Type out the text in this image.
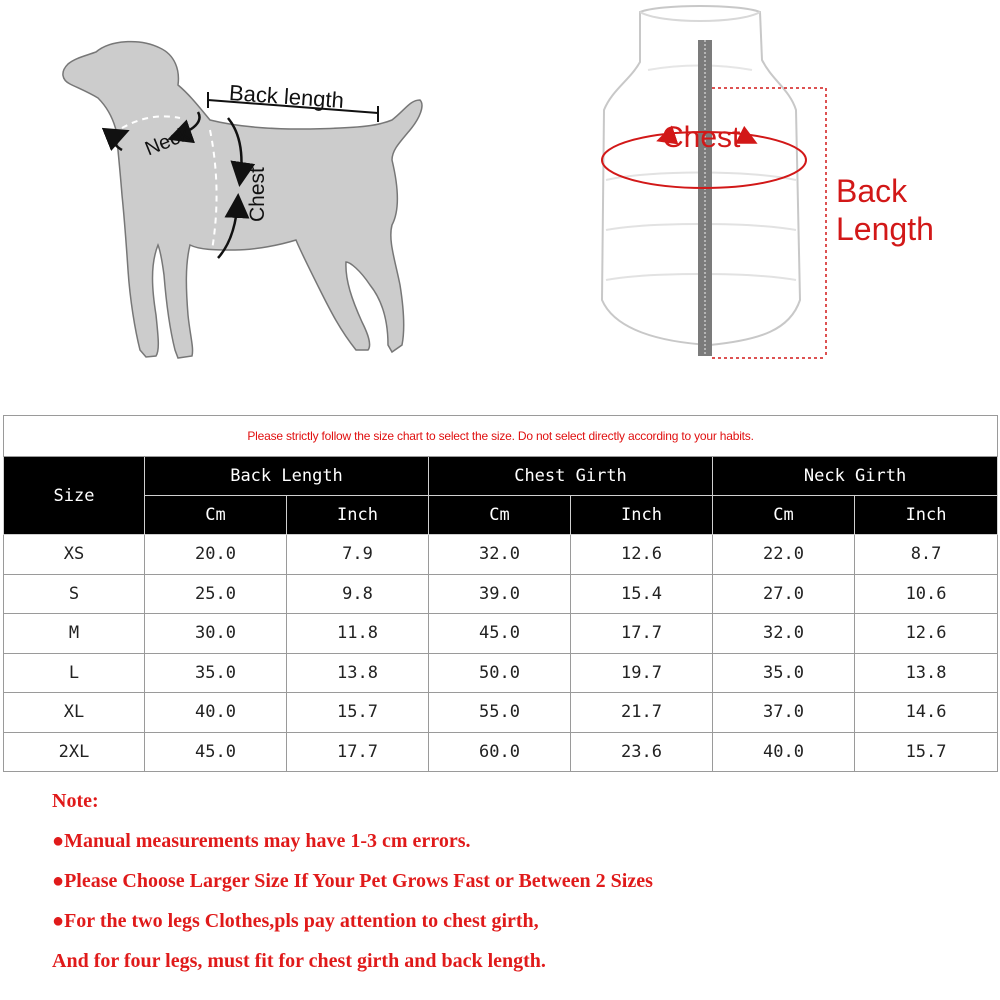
Back length
Neck
Chest
Chest
Back
Length
Please strictly follow the size chart to select the size. Do not select directly according to your habits.						
Size	Back Length		Chest Girth		Neck Girth	
	Cm	Inch	Cm	Inch	Cm	Inch
XS	20.0	7.9	32.0	12.6	22.0	8.7
S	25.0	9.8	39.0	15.4	27.0	10.6
M	30.0	11.8	45.0	17.7	32.0	12.6
L	35.0	13.8	50.0	19.7	35.0	13.8
XL	40.0	15.7	55.0	21.7	37.0	14.6
2XL	45.0	17.7	60.0	23.6	40.0	15.7
Note:
●Manual measurements may have 1-3 cm errors.
●Please Choose Larger Size If Your Pet Grows Fast or Between 2 Sizes
●For the two legs Clothes,pls pay attention to chest girth,
And for four legs, must fit for chest girth and back length.
